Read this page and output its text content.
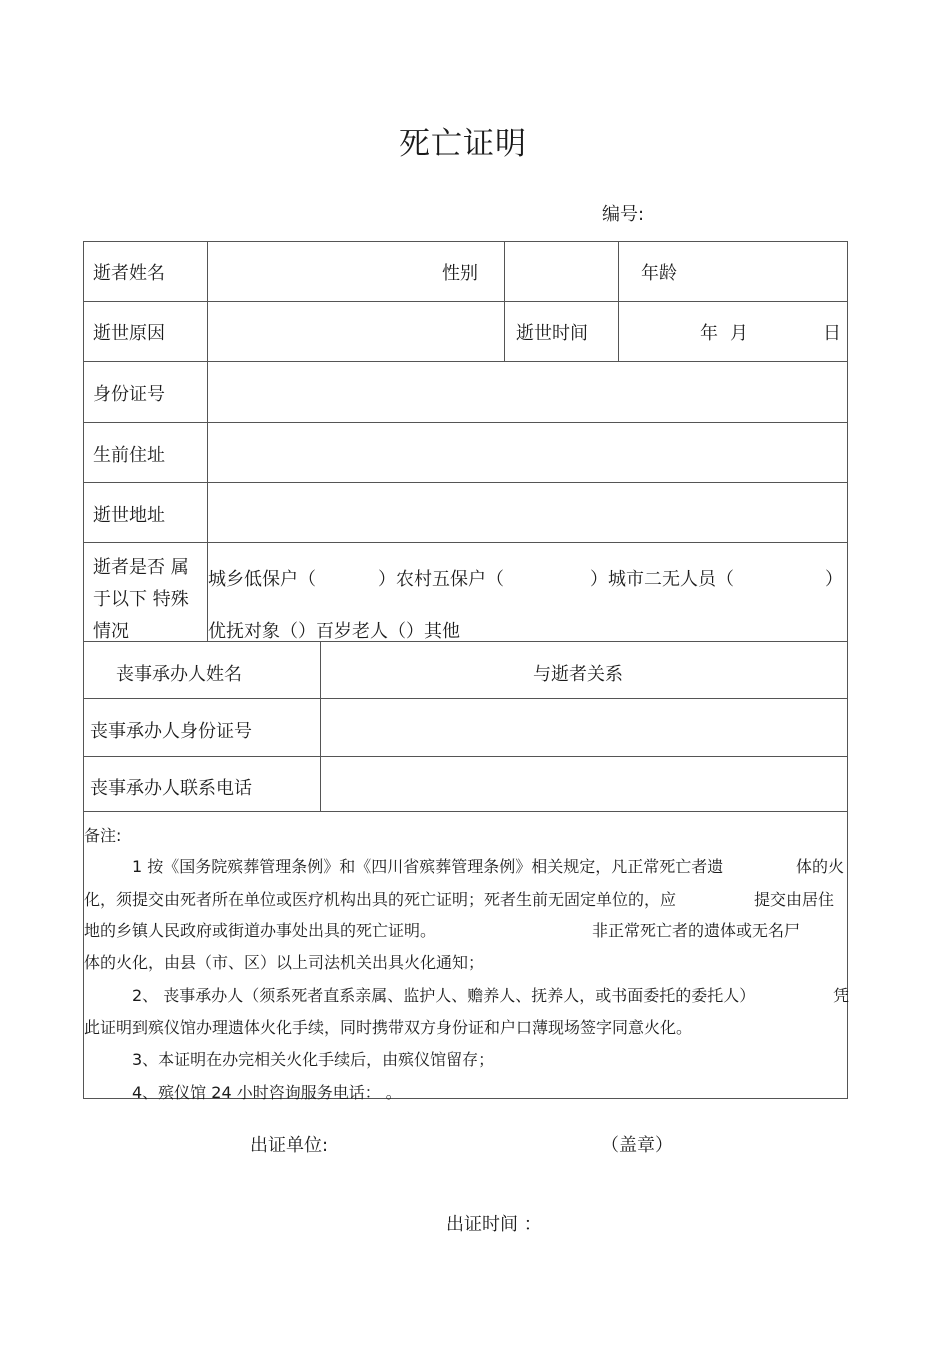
死亡证明
编号:
逝者姓名	性别	年龄
逝世原因	逝世时间	年 月	日
身份证号
生前住址
逝世地址
逝者是否 属
于以下 特殊
情况
城乡低保户（	）农村五保户（	）城市二无人员（	）
优抚对象（）百岁老人（）其他
丧事承办人姓名	与逝者关系
丧事承办人身份证号
丧事承办人联系电话
备注:
1 按《国务院殡葬管理条例》和《四川省殡葬管理条例》相关规定，凡正常死亡者遗	体的火
化，须提交由死者所在单位或医疗机构出具的死亡证明；死者生前无固定单位的，应	提交由居住
地的乡镇人民政府或街道办事处出具的死亡证明。	非正常死亡者的遗体或无名尸
体的火化，由县（市、区）以上司法机关出具火化通知；
2、 丧事承办人（须系死者直系亲属、监护人、赡养人、抚养人，或书面委托的委托人）	凭
此证明到殡仪馆办理遗体火化手续，同时携带双方身份证和户口薄现场签字同意火化。
3、本证明在办完相关火化手续后，由殡仪馆留存；
4、殡仪馆 24 小时咨询服务电话： 。
出证单位:	（盖章）
出证时间 ：
